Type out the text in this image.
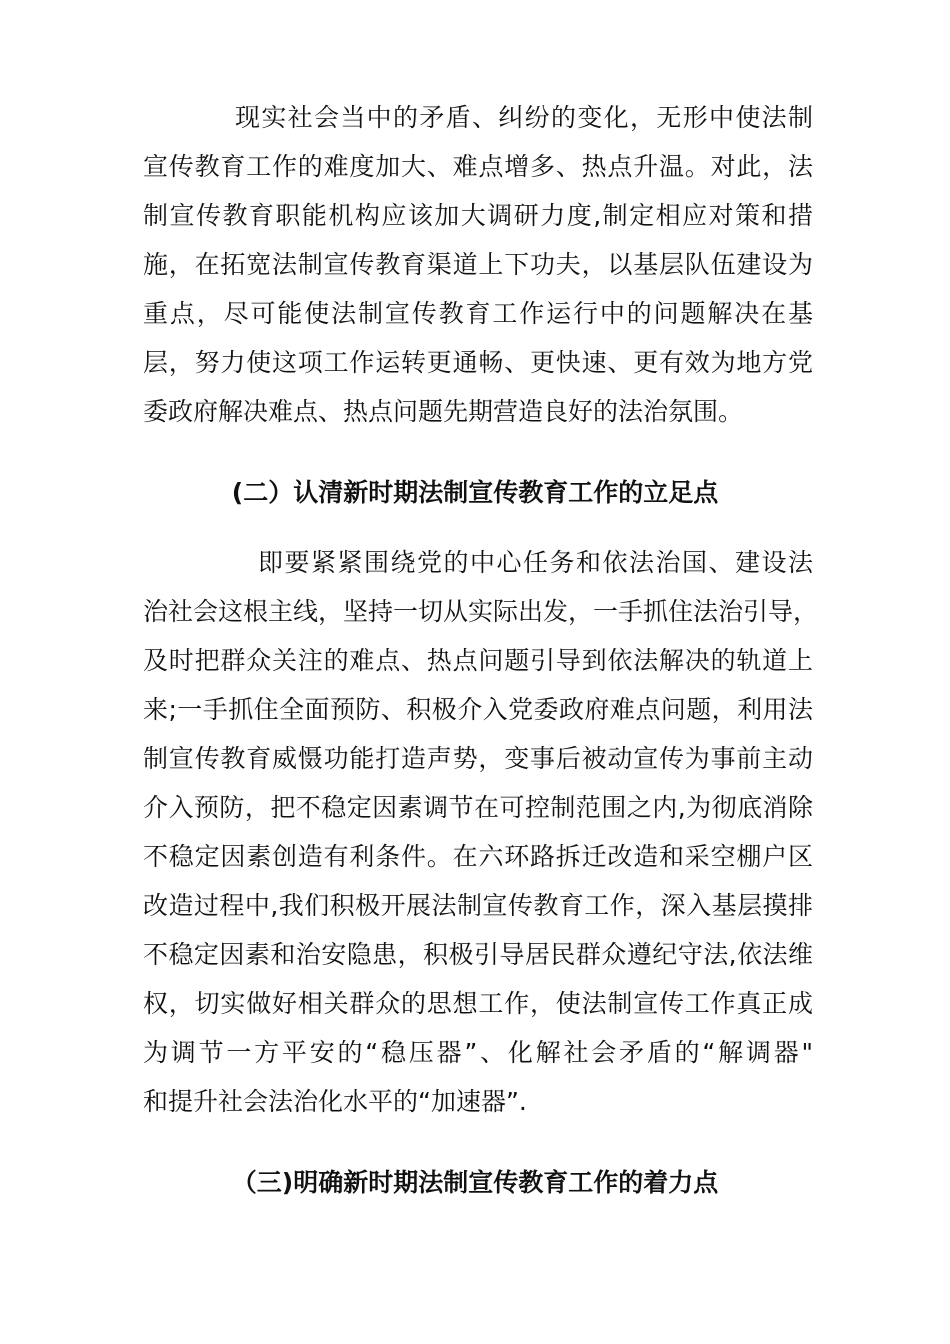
现实社会当中的矛盾、纠纷的变化，无形中使法制
宣传教育工作的难度加大、难点增多、热点升温。对此，法
制宣传教育职能机构应该加大调研力度,制定相应对策和措
施，在拓宽法制宣传教育渠道上下功夫，以基层队伍建设为
重点，尽可能使法制宣传教育工作运行中的问题解决在基
层，努力使这项工作运转更通畅、更快速、更有效为地方党
委政府解决难点、热点问题先期营造良好的法治氛围。
(二）认清新时期法制宣传教育工作的立足点
即要紧紧围绕党的中心任务和依法治国、建设法
治社会这根主线，坚持一切从实际出发，一手抓住法治引导，
及时把群众关注的难点、热点问题引导到依法解决的轨道上
来;一手抓住全面预防、积极介入党委政府难点问题，利用法
制宣传教育威慑功能打造声势，变事后被动宣传为事前主动
介入预防，把不稳定因素调节在可控制范围之内,为彻底消除
不稳定因素创造有利条件。在六环路拆迁改造和采空棚户区
改造过程中,我们积极开展法制宣传教育工作，深入基层摸排
不稳定因素和治安隐患，积极引导居民群众遵纪守法,依法维
权，切实做好相关群众的思想工作，使法制宣传工作真正成
为调节一方平安的“稳压器”、化解社会矛盾的“解调器"
和提升社会法治化水平的“加速器”.
（三)明确新时期法制宣传教育工作的着力点
